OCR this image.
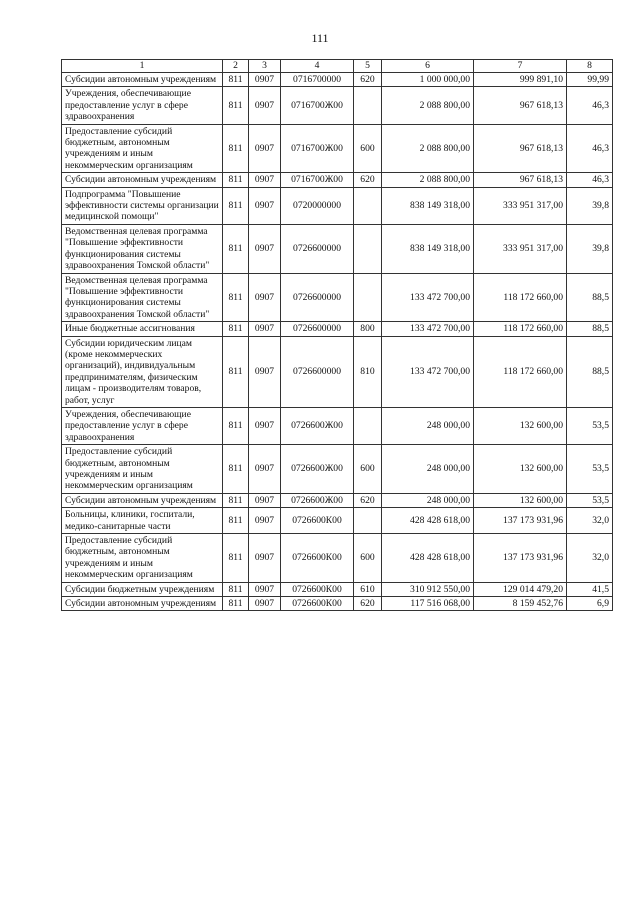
111
1	2	3	4	5	6	7	8
Субсидии автономным учреждениям	811	0907	0716700000	620	1 000 000,00	999 891,10	99,99
Учреждения, обеспечивающие предоставление услуг в сфере здравоохранения	811	0907	0716700Ж00		2 088 800,00	967 618,13	46,3
Предоставление субсидий бюджетным, автономным учреждениям и иным некоммерческим организациям	811	0907	0716700Ж00	600	2 088 800,00	967 618,13	46,3
Субсидии автономным учреждениям	811	0907	0716700Ж00	620	2 088 800,00	967 618,13	46,3
Подпрограмма "Повышение эффективности системы организации медицинской помощи"	811	0907	0720000000		838 149 318,00	333 951 317,00	39,8
Ведомственная целевая программа "Повышение эффективности функционирования системы здравоохранения Томской области"	811	0907	0726600000		838 149 318,00	333 951 317,00	39,8
Ведомственная целевая программа "Повышение эффективности функционирования системы здравоохранения Томской области"	811	0907	0726600000		133 472 700,00	118 172 660,00	88,5
Иные бюджетные ассигнования	811	0907	0726600000	800	133 472 700,00	118 172 660,00	88,5
Субсидии юридическим лицам (кроме некоммерческих организаций), индивидуальным предпринимателям, физическим лицам - производителям товаров, работ, услуг	811	0907	0726600000	810	133 472 700,00	118 172 660,00	88,5
Учреждения, обеспечивающие предоставление услуг в сфере здравоохранения	811	0907	0726600Ж00		248 000,00	132 600,00	53,5
Предоставление субсидий бюджетным, автономным учреждениям и иным некоммерческим организациям	811	0907	0726600Ж00	600	248 000,00	132 600,00	53,5
Субсидии автономным учреждениям	811	0907	0726600Ж00	620	248 000,00	132 600,00	53,5
Больницы, клиники, госпитали, медико-санитарные части	811	0907	0726600К00		428 428 618,00	137 173 931,96	32,0
Предоставление субсидий бюджетным, автономным учреждениям и иным некоммерческим организациям	811	0907	0726600К00	600	428 428 618,00	137 173 931,96	32,0
Субсидии бюджетным учреждениям	811	0907	0726600К00	610	310 912 550,00	129 014 479,20	41,5
Субсидии автономным учреждениям	811	0907	0726600К00	620	117 516 068,00	8 159 452,76	6,9
